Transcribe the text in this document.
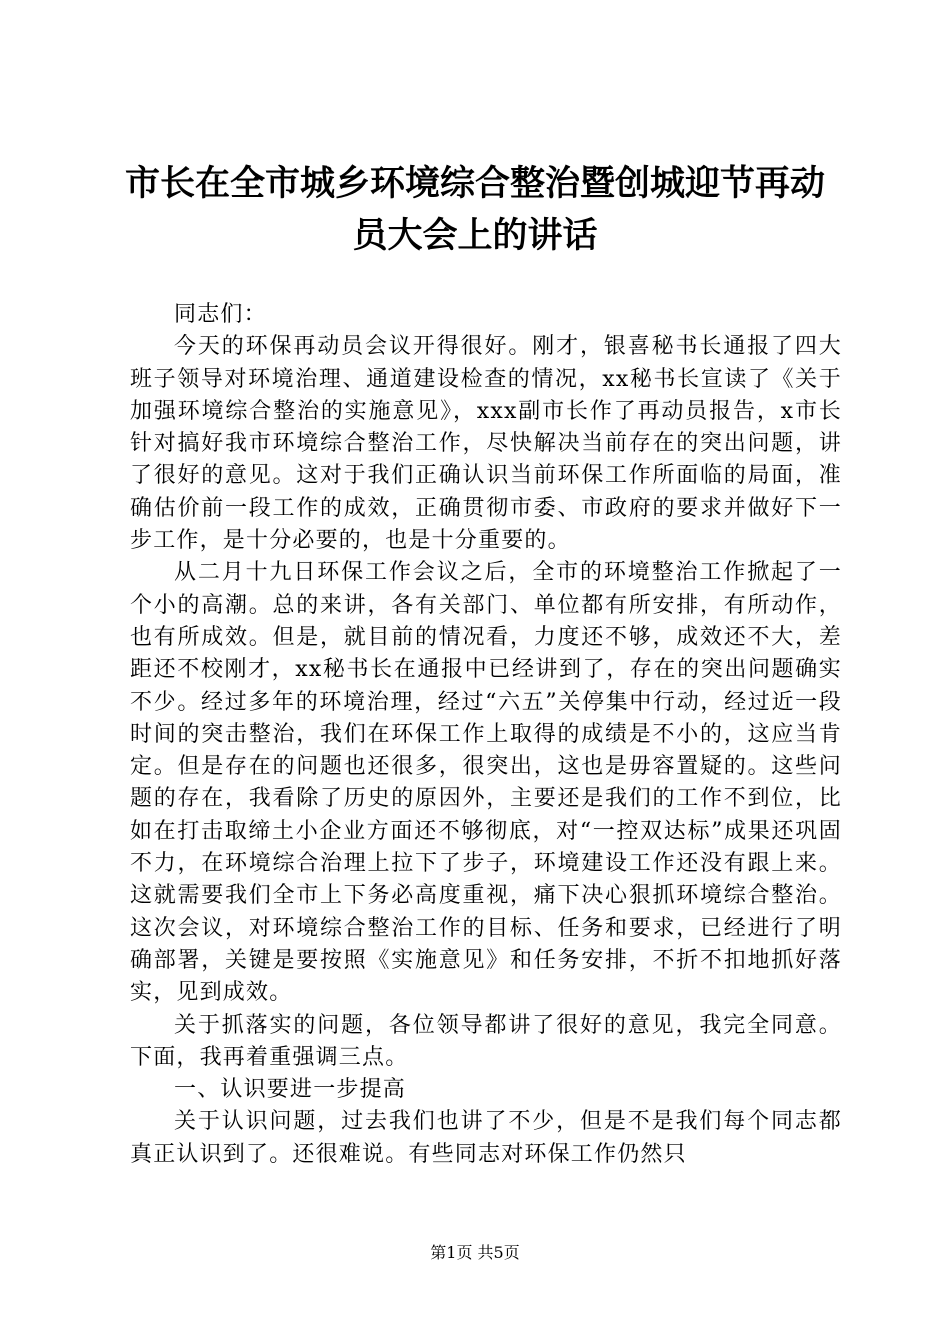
市长在全市城乡环境综合整治暨创城迎节再动
员大会上的讲话

同志们：

今天的环保再动员会议开得很好。刚才，银喜秘书长通报了四大班子领导对环境治理、通道建设检查的情况，xx秘书长宣读了《关于加强环境综合整治的实施意见》，xxx副市长作了再动员报告，x市长针对搞好我市环境综合整治工作，尽快解决当前存在的突出问题，讲了很好的意见。这对于我们正确认识当前环保工作所面临的局面，准确估价前一段工作的成效，正确贯彻市委、市政府的要求并做好下一步工作，是十分必要的，也是十分重要的。

从二月十九日环保工作会议之后，全市的环境整治工作掀起了一个小的高潮。总的来讲，各有关部门、单位都有所安排，有所动作，也有所成效。但是，就目前的情况看，力度还不够，成效还不大，差距还不校刚才，xx秘书长在通报中已经讲到了，存在的突出问题确实不少。经过多年的环境治理，经过“六五”关停集中行动，经过近一段时间的突击整治，我们在环保工作上取得的成绩是不小的，这应当肯定。但是存在的问题也还很多，很突出，这也是毋容置疑的。这些问题的存在，我看除了历史的原因外，主要还是我们的工作不到位，比如在打击取缔土小企业方面还不够彻底，对“一控双达标”成果还巩固不力，在环境综合治理上拉下了步子，环境建设工作还没有跟上来。这就需要我们全市上下务必高度重视，痛下决心狠抓环境综合整治。这次会议，对环境综合整治工作的目标、任务和要求，已经进行了明确部署，关键是要按照《实施意见》和任务安排，不折不扣地抓好落实，见到成效。

关于抓落实的问题，各位领导都讲了很好的意见，我完全同意。下面，我再着重强调三点。

一、认识要进一步提高

关于认识问题，过去我们也讲了不少，但是不是我们每个同志都真正认识到了。还很难说。有些同志对环保工作仍然只

第1页 共5页
